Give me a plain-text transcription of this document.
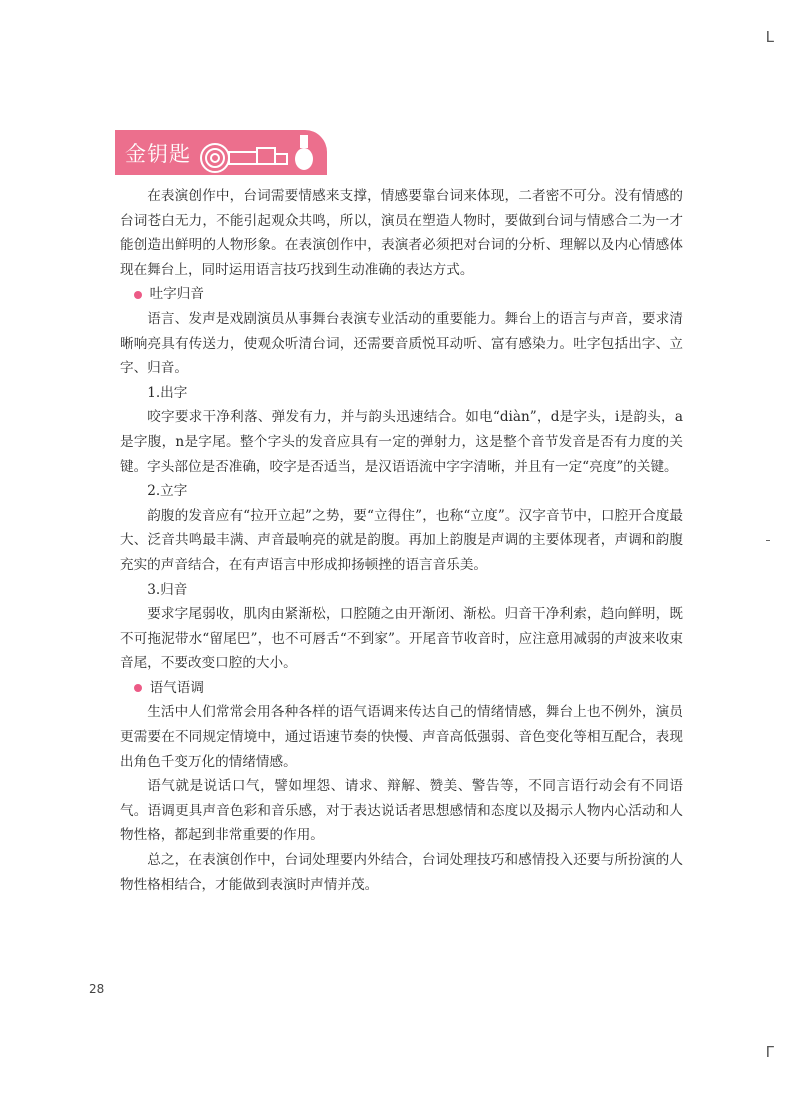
L
Γ
金钥匙

在表演创作中，台词需要情感来支撑，情感要靠台词来体现，二者密不可分。没有情感的台词苍白无力，不能引起观众共鸣，所以，演员在塑造人物时，要做到台词与情感合二为一才能创造出鲜明的人物形象。在表演创作中，表演者必须把对台词的分析、理解以及内心情感体现在舞台上，同时运用语言技巧找到生动准确的表达方式。

吐字归音

语言、发声是戏剧演员从事舞台表演专业活动的重要能力。舞台上的语言与声音，要求清晰响亮具有传送力，使观众听清台词，还需要音质悦耳动听、富有感染力。吐字包括出字、立字、归音。

1.出字

咬字要求干净利落、弹发有力，并与韵头迅速结合。如电“diàn”，d是字头，i是韵头，a是字腹，n是字尾。整个字头的发音应具有一定的弹射力，这是整个音节发音是否有力度的关键。字头部位是否准确，咬字是否适当，是汉语语流中字字清晰，并且有一定“亮度”的关键。

2.立字

韵腹的发音应有“拉开立起”之势，要“立得住”，也称“立度”。汉字音节中，口腔开合度最大、泛音共鸣最丰满、声音最响亮的就是韵腹。再加上韵腹是声调的主要体现者，声调和韵腹充实的声音结合，在有声语言中形成抑扬顿挫的语言音乐美。

3.归音

要求字尾弱收，肌肉由紧渐松，口腔随之由开渐闭、渐松。归音干净利索，趋向鲜明，既不可拖泥带水“留尾巴”，也不可唇舌“不到家”。开尾音节收音时，应注意用减弱的声波来收束音尾，不要改变口腔的大小。

语气语调

生活中人们常常会用各种各样的语气语调来传达自己的情绪情感，舞台上也不例外，演员更需要在不同规定情境中，通过语速节奏的快慢、声音高低强弱、音色变化等相互配合，表现出角色千变万化的情绪情感。

语气就是说话口气，譬如埋怨、请求、辩解、赞美、警告等，不同言语行动会有不同语气。语调更具声音色彩和音乐感，对于表达说话者思想感情和态度以及揭示人物内心活动和人物性格，都起到非常重要的作用。

总之，在表演创作中，台词处理要内外结合，台词处理技巧和感情投入还要与所扮演的人物性格相结合，才能做到表演时声情并茂。

28
